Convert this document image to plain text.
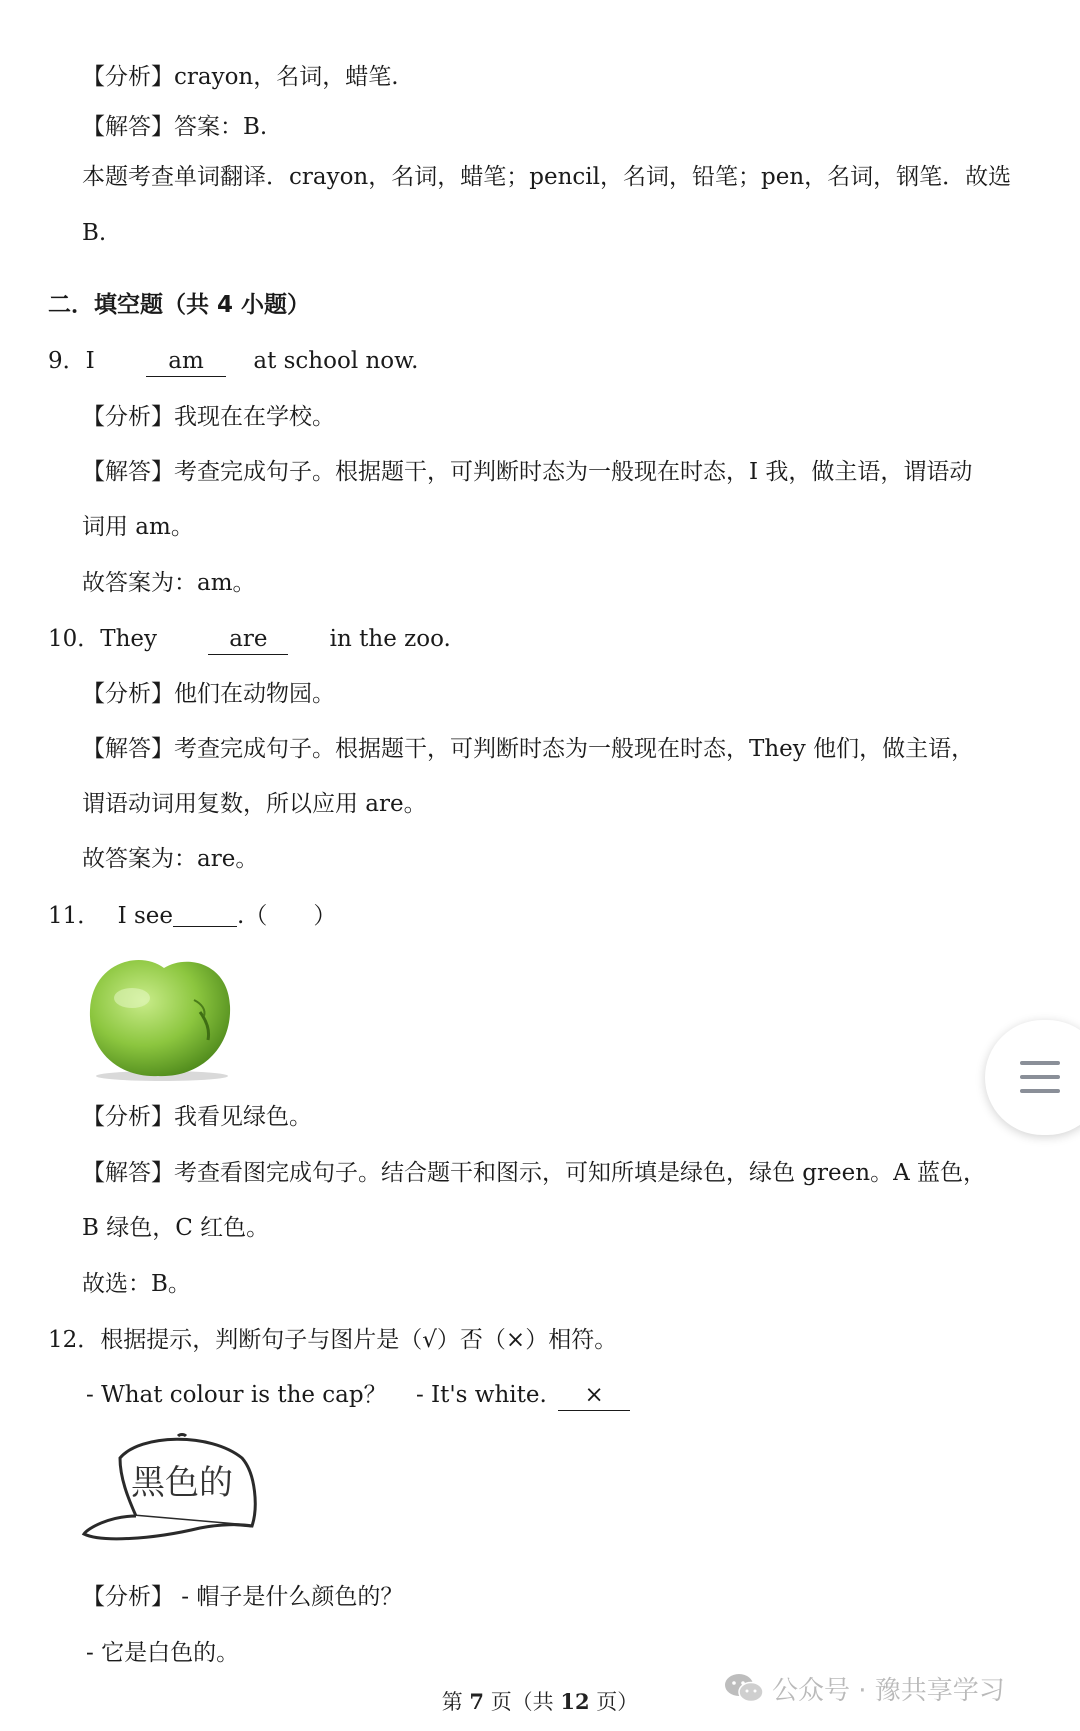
【分析】crayon，名词，蜡笔.
【解答】答案：B.
本题考查单词翻译．crayon，名词，蜡笔；pencil，名词，铅笔；pen，名词，钢笔．故选
B.
二．填空题（共 4 小题）
9．I	am at school now.
【分析】我现在在学校。
【解答】考查完成句子。根据题干，可判断时态为一般现在时态，I 我，做主语，谓语动
词用 am。
故答案为：am。
10．They	are	in the zoo.
【分析】他们在动物园。
【解答】考查完成句子。根据题干，可判断时态为一般现在时态，They 他们，做主语，
谓语动词用复数，所以应用 are。
故答案为：are。
11． I see	.（　　）
【分析】我看见绿色。
【解答】考查看图完成句子。结合题干和图示，可知所填是绿色，绿色 green。A 蓝色，
B 绿色，C 红色。
故选：B。
12．根据提示，判断句子与图片是（√）否（×）相符。
- What colour is the cap？ - It's white. ×
黑色的
【分析】 - 帽子是什么颜色的？
- 它是白色的。
第 7 页（共 12 页）	公众号 · 豫共享学习
